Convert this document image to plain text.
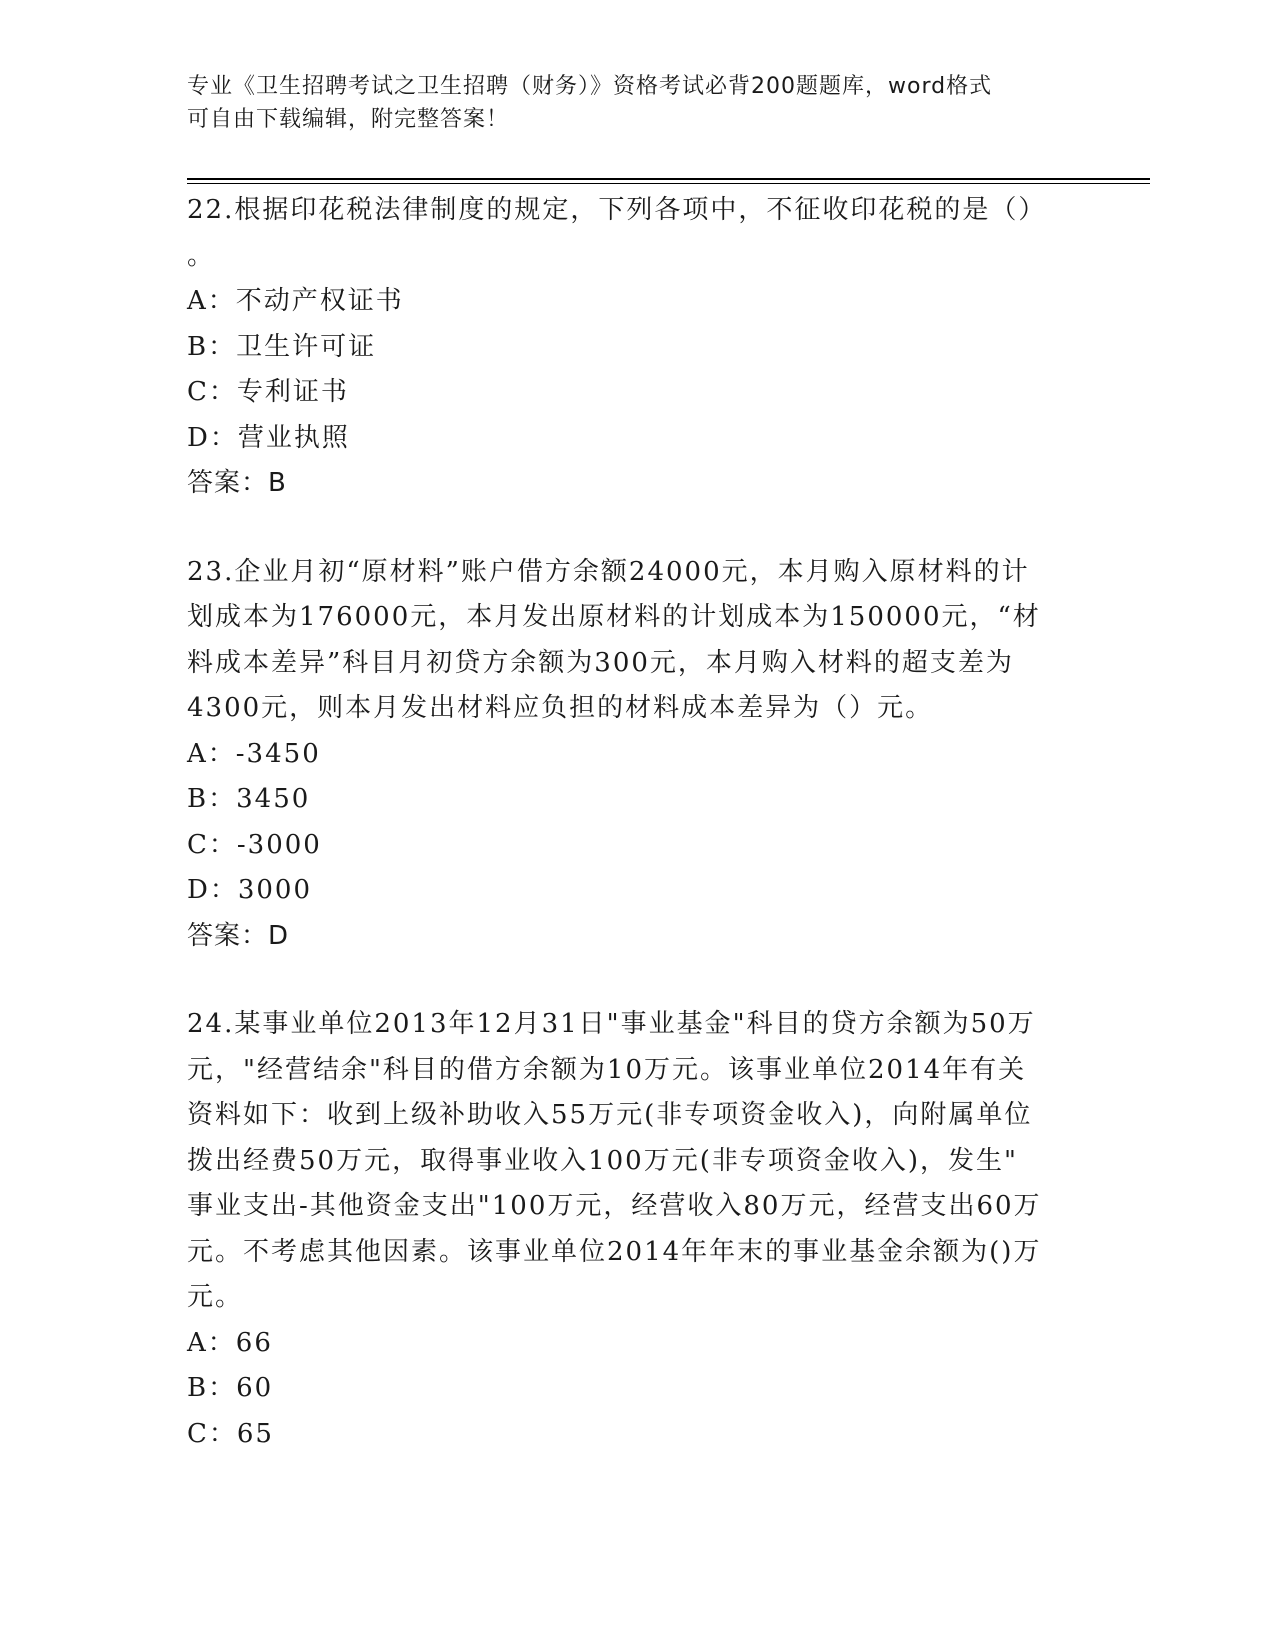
专业《卫生招聘考试之卫生招聘（财务）》资格考试必背200题题库，word格式
可自由下载编辑，附完整答案！

22.根据印花税法律制度的规定，下列各项中，不征收印花税的是（）

。

A：不动产权证书

B：卫生许可证

C：专利证书

D：营业执照

答案：B

23.企业月初“原材料”账户借方余额24000元，本月购入原材料的计

划成本为176000元，本月发出原材料的计划成本为150000元，“材

料成本差异”科目月初贷方余额为300元，本月购入材料的超支差为

4300元，则本月发出材料应负担的材料成本差异为（）元。

A：-3450

B：3450

C：-3000

D：3000

答案：D

24.某事业单位2013年12月31日"事业基金"科目的贷方余额为50万

元，"经营结余"科目的借方余额为10万元。该事业单位2014年有关

资料如下：收到上级补助收入55万元(非专项资金收入)，向附属单位

拨出经费50万元，取得事业收入100万元(非专项资金收入)，发生"

事业支出-其他资金支出"100万元，经营收入80万元，经营支出60万

元。不考虑其他因素。该事业单位2014年年末的事业基金余额为()万

元。

A：66

B：60

C：65
